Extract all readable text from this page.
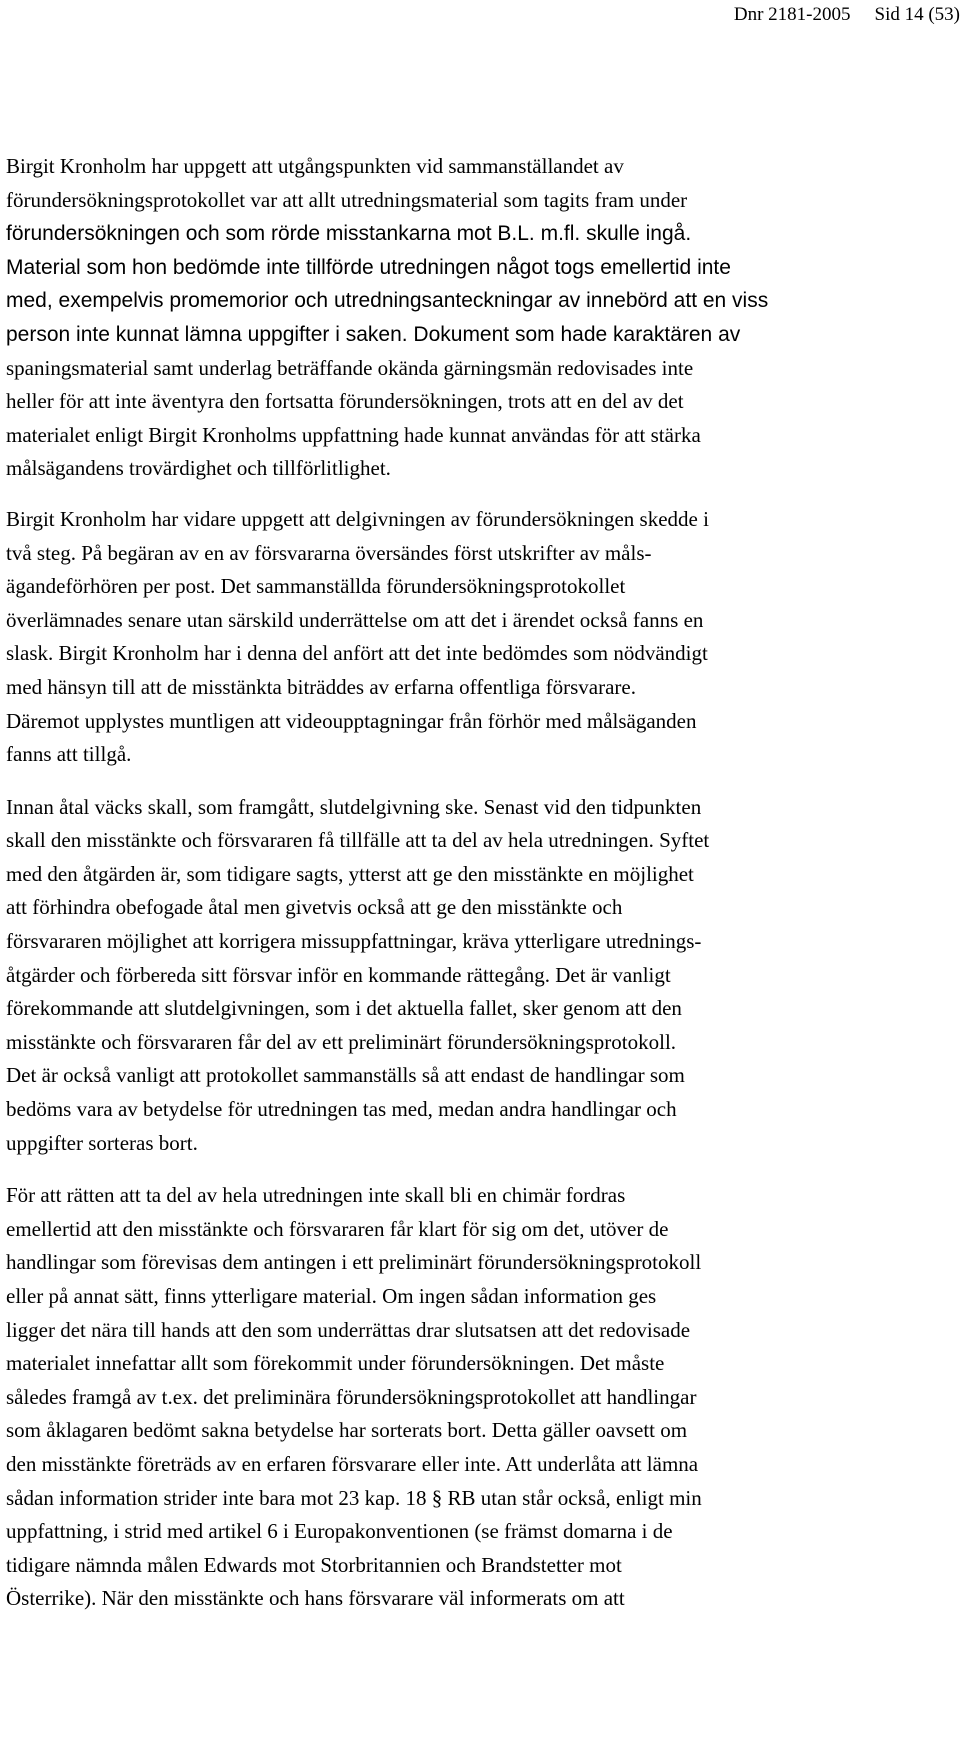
Dnr 2181-2005 Sid 14 (53)
Birgit Kronholm har uppgett att utgångspunkten vid sammanställandet av
förundersökningsprotokollet var att allt utredningsmaterial som tagits fram under
förundersökningen och som rörde misstankarna mot B.L. m.fl. skulle ingå.
Material som hon bedömde inte tillförde utredningen något togs emellertid inte
med, exempelvis promemorior och utredningsanteckningar av innebörd att en viss
person inte kunnat lämna uppgifter i saken. Dokument som hade karaktären av
spaningsmaterial samt underlag beträffande okända gärningsmän redovisades inte
heller för att inte äventyra den fortsatta förundersökningen, trots att en del av det
materialet enligt Birgit Kronholms uppfattning hade kunnat användas för att stärka
målsägandens trovärdighet och tillförlitlighet.
Birgit Kronholm har vidare uppgett att delgivningen av förundersökningen skedde i
två steg. På begäran av en av försvararna översändes först utskrifter av måls-
ägandeförhören per post. Det sammanställda förundersökningsprotokollet
överlämnades senare utan särskild underrättelse om att det i ärendet också fanns en
slask. Birgit Kronholm har i denna del anfört att det inte bedömdes som nödvändigt
med hänsyn till att de misstänkta biträddes av erfarna offentliga försvarare.
Däremot upplystes muntligen att videoupptagningar från förhör med målsäganden
fanns att tillgå.
Innan åtal väcks skall, som framgått, slutdelgivning ske. Senast vid den tidpunkten
skall den misstänkte och försvararen få tillfälle att ta del av hela utredningen. Syftet
med den åtgärden är, som tidigare sagts, ytterst att ge den misstänkte en möjlighet
att förhindra obefogade åtal men givetvis också att ge den misstänkte och
försvararen möjlighet att korrigera missuppfattningar, kräva ytterligare utrednings-
åtgärder och förbereda sitt försvar inför en kommande rättegång. Det är vanligt
förekommande att slutdelgivningen, som i det aktuella fallet, sker genom att den
misstänkte och försvararen får del av ett preliminärt förundersökningsprotokoll.
Det är också vanligt att protokollet sammanställs så att endast de handlingar som
bedöms vara av betydelse för utredningen tas med, medan andra handlingar och
uppgifter sorteras bort.
För att rätten att ta del av hela utredningen inte skall bli en chimär fordras
emellertid att den misstänkte och försvararen får klart för sig om det, utöver de
handlingar som förevisas dem antingen i ett preliminärt förundersökningsprotokoll
eller på annat sätt, finns ytterligare material. Om ingen sådan information ges
ligger det nära till hands att den som underrättas drar slutsatsen att det redovisade
materialet innefattar allt som förekommit under förundersökningen. Det måste
således framgå av t.ex. det preliminära förundersökningsprotokollet att handlingar
som åklagaren bedömt sakna betydelse har sorterats bort. Detta gäller oavsett om
den misstänkte företräds av en erfaren försvarare eller inte. Att underlåta att lämna
sådan information strider inte bara mot 23 kap. 18 § RB utan står också, enligt min
uppfattning, i strid med artikel 6 i Europakonventionen (se främst domarna i de
tidigare nämnda målen Edwards mot Storbritannien och Brandstetter mot
Österrike). När den misstänkte och hans försvarare väl informerats om att
